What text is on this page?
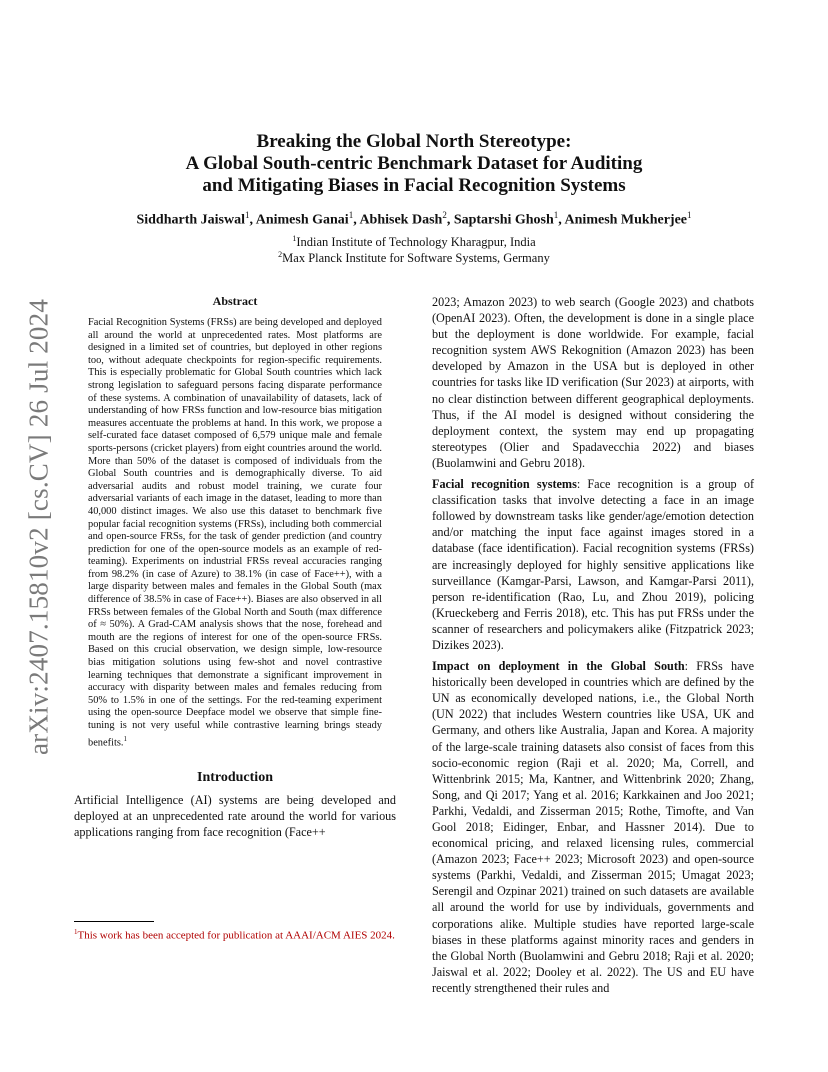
arXiv:2407.15810v2 [cs.CV] 26 Jul 2024
Breaking the Global North Stereotype:
A Global South-centric Benchmark Dataset for Auditing
and Mitigating Biases in Facial Recognition Systems
Siddharth Jaiswal$^1$, Animesh Ganai$^1$, Abhisek Dash$^2$, Saptarshi Ghosh$^1$, Animesh Mukherjee$^1$
$^1$Indian Institute of Technology Kharagpur, India
$^2$Max Planck Institute for Software Systems, Germany
Abstract
Facial Recognition Systems (FRSs) are being developed and deployed all around the world at unprecedented rates. Most platforms are designed in a limited set of countries, but deployed in other regions too, without adequate checkpoints for region-specific requirements. This is especially problematic for Global South countries which lack strong legislation to safeguard persons facing disparate performance of these systems. A combination of unavailability of datasets, lack of understanding of how FRSs function and low-resource bias mitigation measures accentuate the problems at hand. In this work, we propose a self-curated face dataset composed of 6,579 unique male and female sports-persons (cricket players) from eight countries around the world. More than 50% of the dataset is composed of individuals from the Global South countries and is demographically diverse. To aid adversarial audits and robust model training, we curate four adversarial variants of each image in the dataset, leading to more than 40,000 distinct images. We also use this dataset to benchmark five popular facial recognition systems (FRSs), including both commercial and open-source FRSs, for the task of gender prediction (and country prediction for one of the open-source models as an example of red-teaming). Experiments on industrial FRSs reveal accuracies ranging from 98.2% (in case of Azure) to 38.1% (in case of Face++), with a large disparity between males and females in the Global South (max difference of 38.5% in case of Face++). Biases are also observed in all FRSs between females of the Global North and South (max difference of ≈ 50%). A Grad-CAM analysis shows that the nose, forehead and mouth are the regions of interest for one of the open-source FRSs. Based on this crucial observation, we design simple, low-resource bias mitigation solutions using few-shot and novel contrastive learning techniques that demonstrate a significant improvement in accuracy with disparity between males and females reducing from 50% to 1.5% in one of the settings. For the red-teaming experiment using the open-source Deepface model we observe that simple fine-tuning is not very useful while contrastive learning brings steady benefits.$^1$
Introduction

Artificial Intelligence (AI) systems are being developed and deployed at an unprecedented rate around the world for various applications ranging from face recognition (Face++

$^1$This work has been accepted for publication at AAAI/ACM AIES 2024.

2023; Amazon 2023) to web search (Google 2023) and chatbots (OpenAI 2023). Often, the development is done in a single place but the deployment is done worldwide. For example, facial recognition system AWS Rekognition (Amazon 2023) has been developed by Amazon in the USA but is deployed in other countries for tasks like ID verification (Sur 2023) at airports, with no clear distinction between different geographical deployments. Thus, if the AI model is designed without considering the deployment context, the system may end up propagating stereotypes (Olier and Spadavecchia 2022) and biases (Buolamwini and Gebru 2018).

Facial recognition systems: Face recognition is a group of classification tasks that involve detecting a face in an image followed by downstream tasks like gender/age/emotion detection and/or matching the input face against images stored in a database (face identification). Facial recognition systems (FRSs) are increasingly deployed for highly sensitive applications like surveillance (Kamgar-Parsi, Lawson, and Kamgar-Parsi 2011), person re-identification (Rao, Lu, and Zhou 2019), policing (Krueckeberg and Ferris 2018), etc. This has put FRSs under the scanner of researchers and policymakers alike (Fitzpatrick 2023; Dizikes 2023).

Impact on deployment in the Global South: FRSs have historically been developed in countries which are defined by the UN as economically developed nations, i.e., the Global North (UN 2022) that includes Western countries like USA, UK and Germany, and others like Australia, Japan and Korea. A majority of the large-scale training datasets also consist of faces from this socio-economic region (Raji et al. 2020; Ma, Correll, and Wittenbrink 2015; Ma, Kantner, and Wittenbrink 2020; Zhang, Song, and Qi 2017; Yang et al. 2016; Karkkainen and Joo 2021; Parkhi, Vedaldi, and Zisserman 2015; Rothe, Timofte, and Van Gool 2018; Eidinger, Enbar, and Hassner 2014). Due to economical pricing, and relaxed licensing rules, commercial (Amazon 2023; Face++ 2023; Microsoft 2023) and open-source systems (Parkhi, Vedaldi, and Zisserman 2015; Umagat 2023; Serengil and Ozpinar 2021) trained on such datasets are available all around the world for use by individuals, governments and corporations alike. Multiple studies have reported large-scale biases in these platforms against minority races and genders in the Global North (Buolamwini and Gebru 2018; Raji et al. 2020; Jaiswal et al. 2022; Dooley et al. 2022). The US and EU have recently strengthened their rules and
